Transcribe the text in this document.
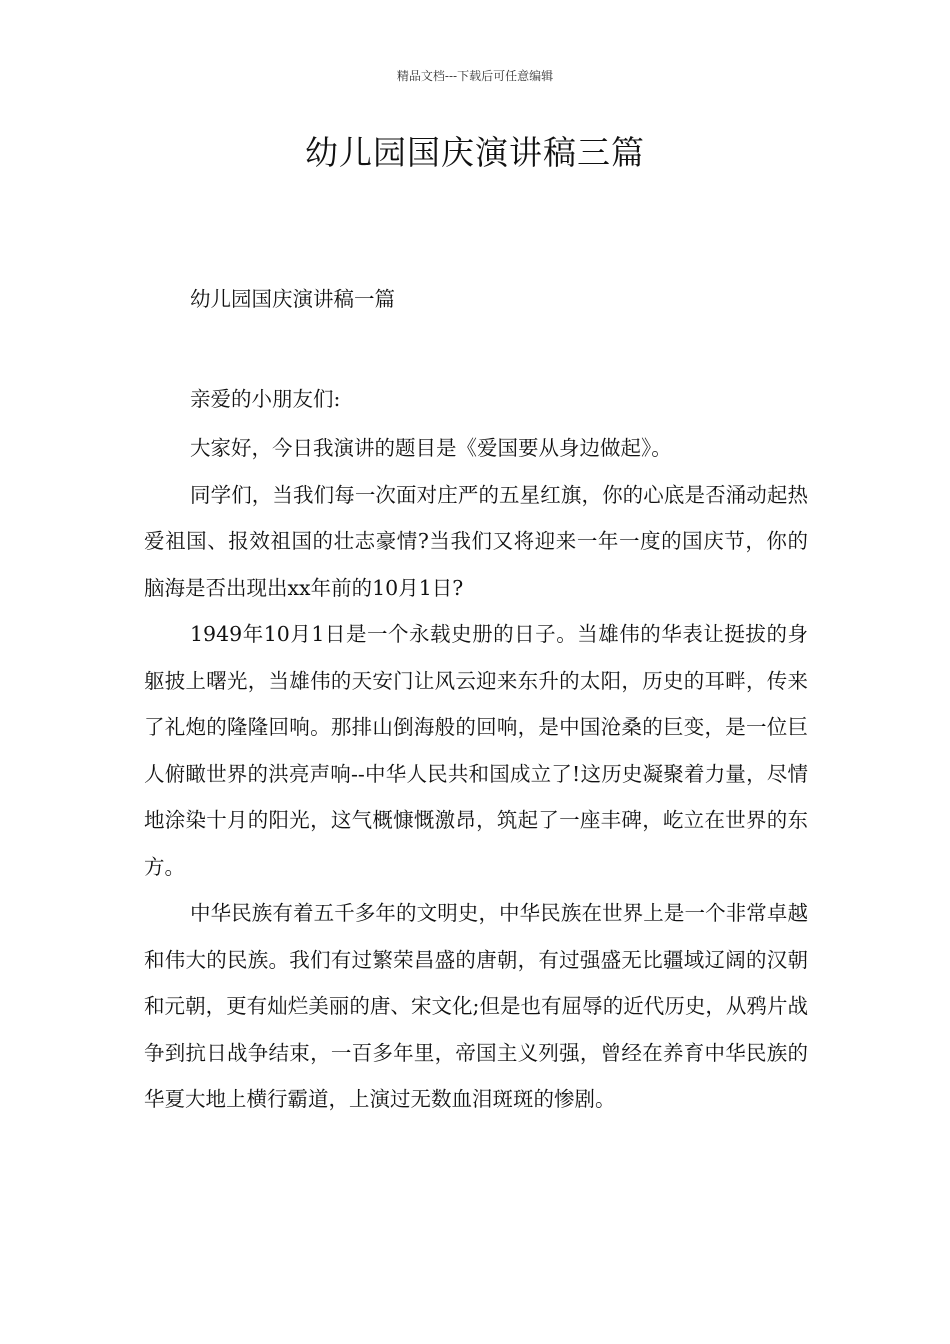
精品文档---下载后可任意编辑
幼儿园国庆演讲稿三篇

幼儿园国庆演讲稿一篇

亲爱的小朋友们:

大家好，今日我演讲的题目是《爱国要从身边做起》。

同学们，当我们每一次面对庄严的五星红旗，你的心底是否涌动起热爱祖国、报效祖国的壮志豪情?当我们又将迎来一年一度的国庆节，你的脑海是否出现出xx年前的10月1日?

1949年10月1日是一个永载史册的日子。当雄伟的华表让挺拔的身躯披上曙光，当雄伟的天安门让风云迎来东升的太阳，历史的耳畔，传来了礼炮的隆隆回响。那排山倒海般的回响，是中国沧桑的巨变，是一位巨人俯瞰世界的洪亮声响--中华人民共和国成立了!这历史凝聚着力量，尽情地涂染十月的阳光，这气概慷慨激昂，筑起了一座丰碑，屹立在世界的东方。

中华民族有着五千多年的文明史，中华民族在世界上是一个非常卓越和伟大的民族。我们有过繁荣昌盛的唐朝，有过强盛无比疆域辽阔的汉朝和元朝，更有灿烂美丽的唐、宋文化;但是也有屈辱的近代历史，从鸦片战争到抗日战争结束，一百多年里，帝国主义列强，曾经在养育中华民族的华夏大地上横行霸道，上演过无数血泪斑斑的惨剧。
